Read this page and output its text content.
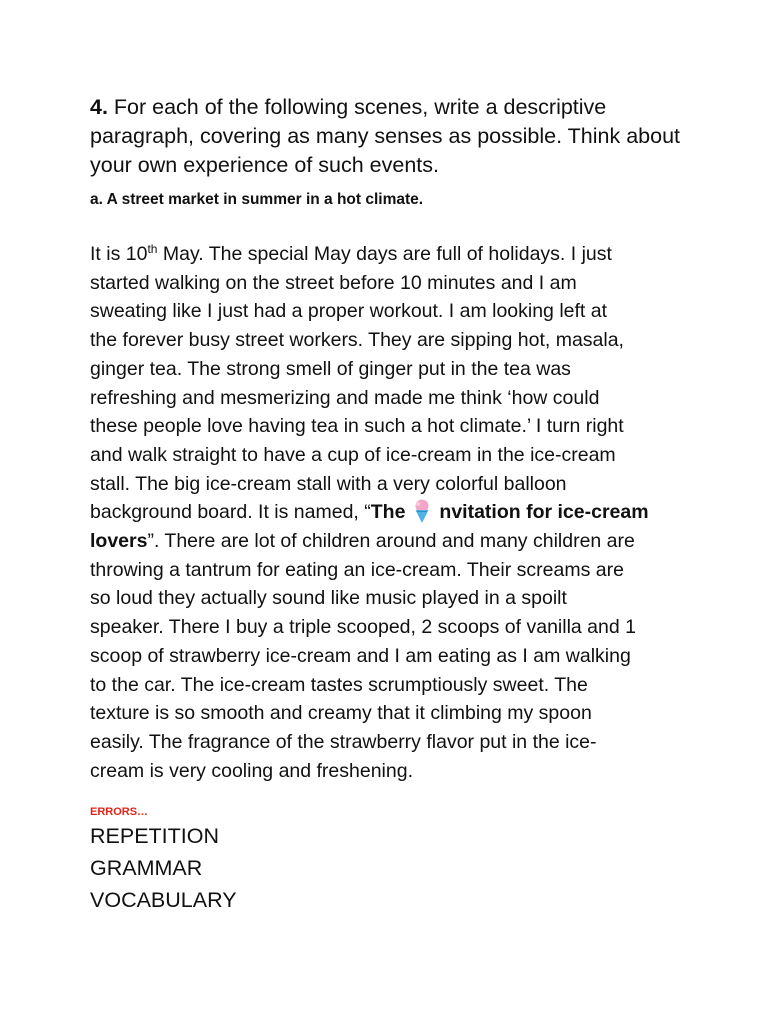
4. For each of the following scenes, write a descriptive paragraph, covering as many senses as possible. Think about your own experience of such events.

a. A street market in summer in a hot climate.

It is 10th May. The special May days are full of holidays. I just
started walking on the street before 10 minutes and I am
sweating like I just had a proper workout. I am looking left at
the forever busy street workers. They are sipping hot, masala,
ginger tea. The strong smell of ginger put in the tea was
refreshing and mesmerizing and made me think ‘how could
these people love having tea in such a hot climate.’ I turn right
and walk straight to have a cup of ice-cream in the ice-cream
stall. The big ice-cream stall with a very colorful balloon
background board. It is named, “The nvitation for ice-cream
lovers”. There are lot of children around and many children are
throwing a tantrum for eating an ice-cream. Their screams are
so loud they actually sound like music played in a spoilt
speaker. There I buy a triple scooped, 2 scoops of vanilla and 1
scoop of strawberry ice-cream and I am eating as I am walking
to the car. The ice-cream tastes scrumptiously sweet. The
texture is so smooth and creamy that it climbing my spoon
easily. The fragrance of the strawberry flavor put in the ice-
cream is very cooling and freshening.

ERRORS…

REPETITION
GRAMMAR
VOCABULARY
